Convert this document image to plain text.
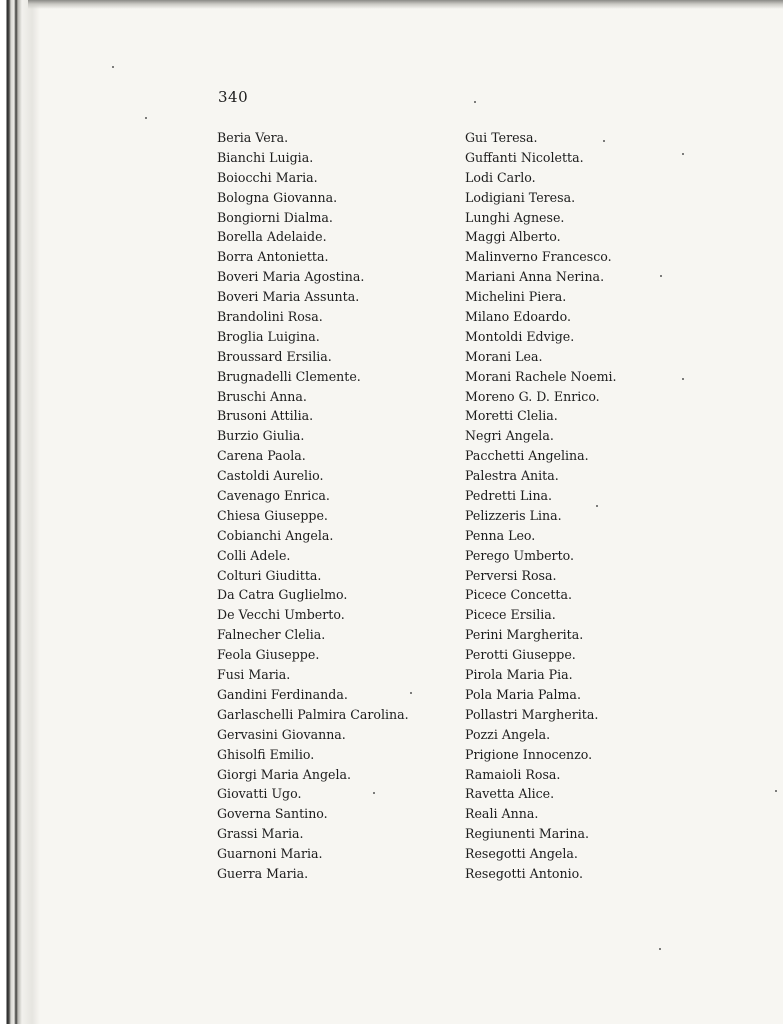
340
Beria Vera.
Bianchi Luigia.
Boiocchi Maria.
Bologna Giovanna.
Bongiorni Dialma.
Borella Adelaide.
Borra Antonietta.
Boveri Maria Agostina.
Boveri Maria Assunta.
Brandolini Rosa.
Broglia Luigina.
Broussard Ersilia.
Brugnadelli Clemente.
Bruschi Anna.
Brusoni Attilia.
Burzio Giulia.
Carena Paola.
Castoldi Aurelio.
Cavenago Enrica.
Chiesa Giuseppe.
Cobianchi Angela.
Colli Adele.
Colturi Giuditta.
Da Catra Guglielmo.
De Vecchi Umberto.
Falnecher Clelia.
Feola Giuseppe.
Fusi Maria.
Gandini Ferdinanda.
Garlaschelli Palmira Carolina.
Gervasini Giovanna.
Ghisolfi Emilio.
Giorgi Maria Angela.
Giovatti Ugo.
Governa Santino.
Grassi Maria.
Guarnoni Maria.
Guerra Maria.
Gui Teresa.
Guffanti Nicoletta.
Lodi Carlo.
Lodigiani Teresa.
Lunghi Agnese.
Maggi Alberto.
Malinverno Francesco.
Mariani Anna Nerina.
Michelini Piera.
Milano Edoardo.
Montoldi Edvige.
Morani Lea.
Morani Rachele Noemi.
Moreno G. D. Enrico.
Moretti Clelia.
Negri Angela.
Pacchetti Angelina.
Palestra Anita.
Pedretti Lina.
Pelizzeris Lina.
Penna Leo.
Perego Umberto.
Perversi Rosa.
Picece Concetta.
Picece Ersilia.
Perini Margherita.
Perotti Giuseppe.
Pirola Maria Pia.
Pola Maria Palma.
Pollastri Margherita.
Pozzi Angela.
Prigione Innocenzo.
Ramaioli Rosa.
Ravetta Alice.
Reali Anna.
Regiunenti Marina.
Resegotti Angela.
Resegotti Antonio.
